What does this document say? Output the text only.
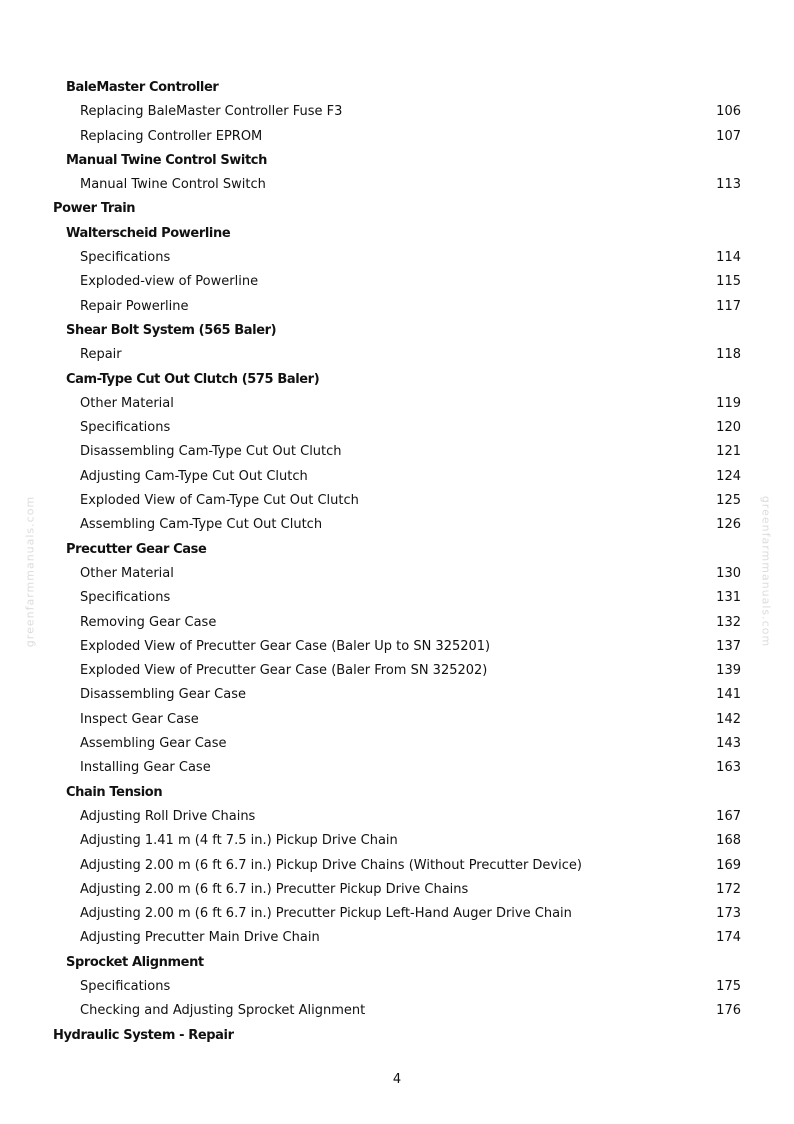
greenfarmmanuals.com	greenfarmmanuals.com
BaleMaster Controller
Replacing BaleMaster Controller Fuse F3	106
Replacing Controller EPROM	107
Manual Twine Control Switch
Manual Twine Control Switch	113
Power Train
Walterscheid Powerline
Specifications	114
Exploded-view of Powerline	115
Repair Powerline	117
Shear Bolt System (565 Baler)
Repair	118
Cam-Type Cut Out Clutch (575 Baler)
Other Material	119
Specifications	120
Disassembling Cam-Type Cut Out Clutch	121
Adjusting Cam-Type Cut Out Clutch	124
Exploded View of Cam-Type Cut Out Clutch	125
Assembling Cam-Type Cut Out Clutch	126
Precutter Gear Case
Other Material	130
Specifications	131
Removing Gear Case	132
Exploded View of Precutter Gear Case (Baler Up to SN 325201)	137
Exploded View of Precutter Gear Case (Baler From SN 325202)	139
Disassembling Gear Case	141
Inspect Gear Case	142
Assembling Gear Case	143
Installing Gear Case	163
Chain Tension
Adjusting Roll Drive Chains	167
Adjusting 1.41 m (4 ft 7.5 in.) Pickup Drive Chain	168
Adjusting 2.00 m (6 ft 6.7 in.) Pickup Drive Chains (Without Precutter Device)	169
Adjusting 2.00 m (6 ft 6.7 in.) Precutter Pickup Drive Chains	172
Adjusting 2.00 m (6 ft 6.7 in.) Precutter Pickup Left-Hand Auger Drive Chain	173
Adjusting Precutter Main Drive Chain	174
Sprocket Alignment
Specifications	175
Checking and Adjusting Sprocket Alignment	176
Hydraulic System - Repair
4
